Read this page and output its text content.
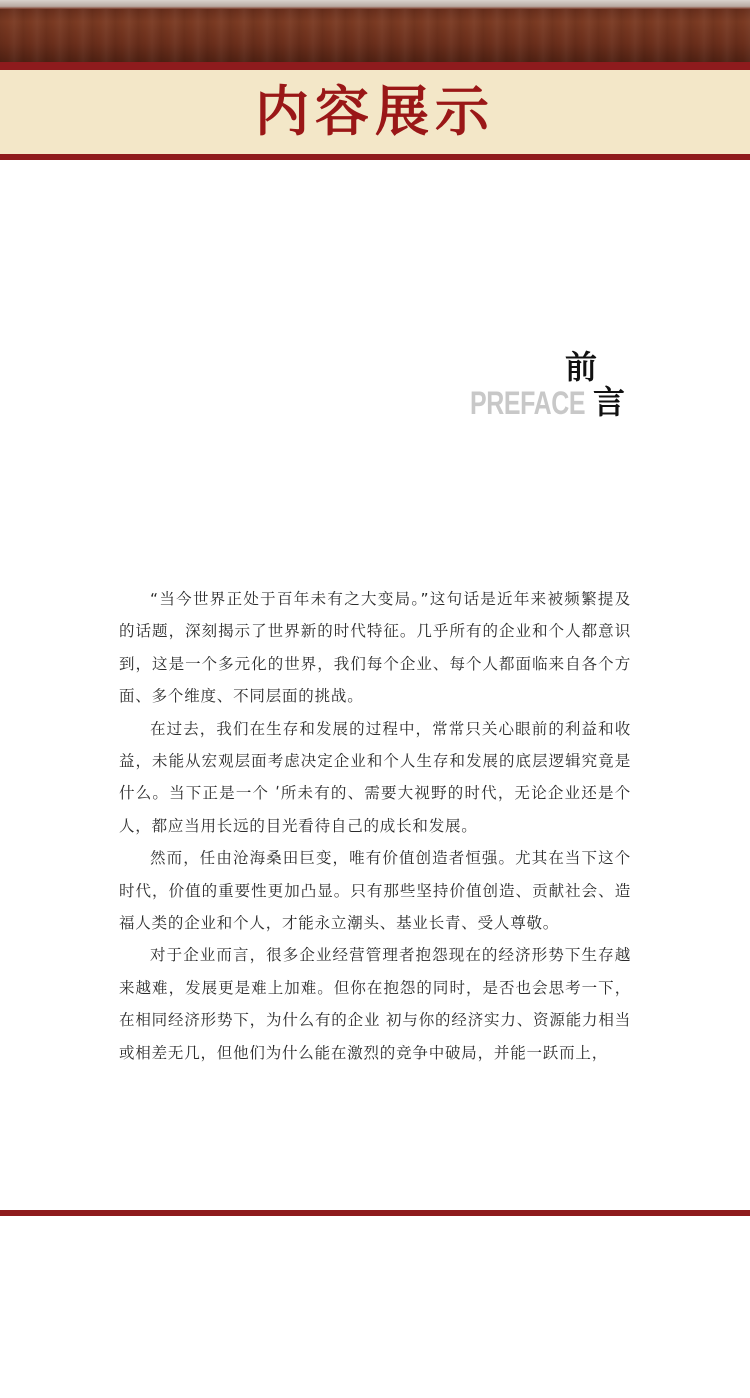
内容展示
前
PREFACE 言

“当今世界正处于百年未有之大变局。”这句话是近年来被频繁提及的话题，深刻揭示了世界新的时代特征。几乎所有的企业和个人都意识到，这是一个多元化的世界，我们每个企业、每个人都面临来自各个方面、多个维度、不同层面的挑战。

在过去，我们在生存和发展的过程中，常常只关心眼前的利益和收益，未能从宏观层面考虑决定企业和个人生存和发展的底层逻辑究竟是什么。当下正是一个 ʹ所未有的、需要大视野的时代，无论企业还是个人，都应当用长远的目光看待自己的成长和发展。

然而，任由沧海桑田巨变，唯有价值创造者恒强。尤其在当下这个时代，价值的重要性更加凸显。只有那些坚持价值创造、贡献社会、造福人类的企业和个人，才能永立潮头、基业长青、受人尊敬。

对于企业而言，很多企业经营管理者抱怨现在的经济形势下生存越来越难，发展更是难上加难。但你在抱怨的同时，是否也会思考一下，在相同经济形势下，为什么有的企业 初与你的经济实力、资源能力相当或相差无几，但他们为什么能在激烈的竞争中破局，并能一跃而上，
